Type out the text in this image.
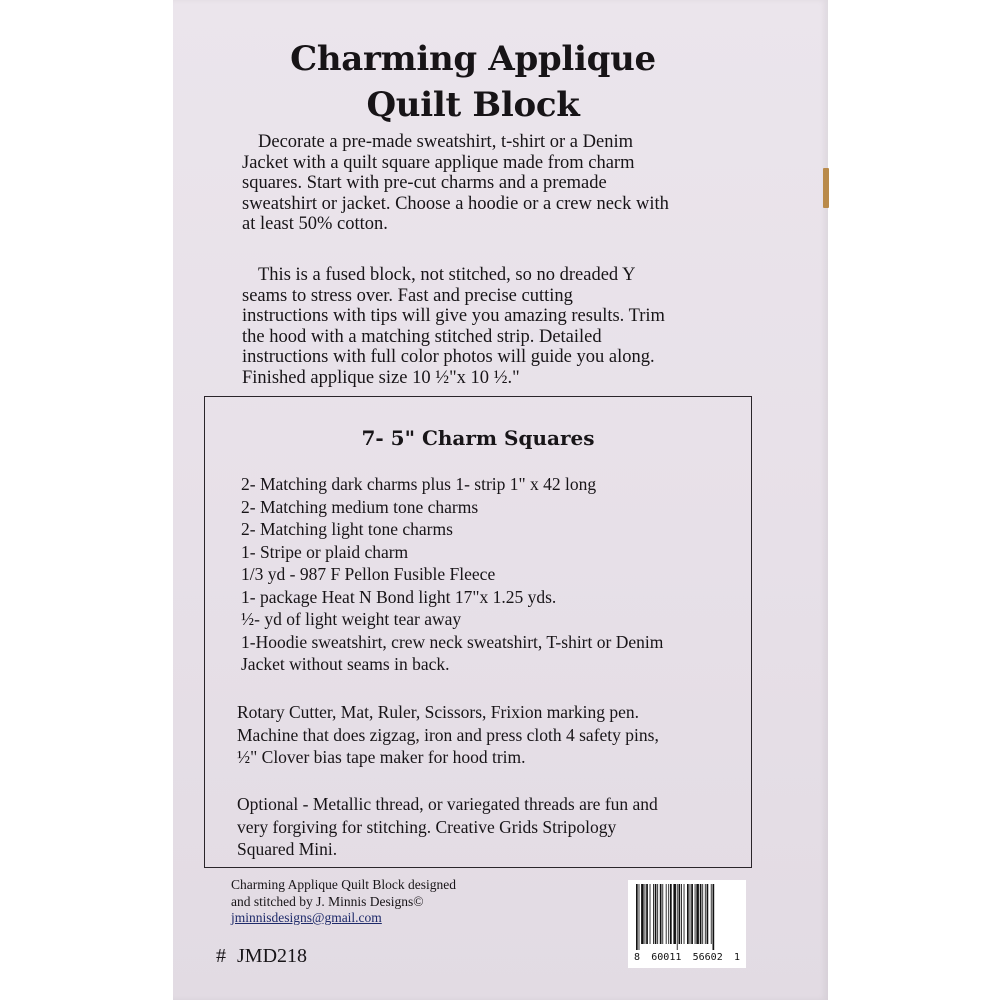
Charming Applique
Quilt Block

Decorate a pre-made sweatshirt, t-shirt or a Denim
Jacket with a quilt square applique made from charm
squares. Start with pre-cut charms and a premade
sweatshirt or jacket. Choose a hoodie or a crew neck with
at least 50% cotton.

This is a fused block, not stitched, so no dreaded Y
seams to stress over. Fast and precise cutting
instructions with tips will give you amazing results. Trim
the hood with a matching stitched strip. Detailed
instructions with full color photos will guide you along.
Finished applique size 10 ½"x 10 ½."

7- 5" Charm Squares
2- Matching dark charms plus 1- strip 1" x 42 long
2- Matching medium tone charms
2- Matching light tone charms
1- Stripe or plaid charm
1/3 yd - 987 F Pellon Fusible Fleece
1- package Heat N Bond light 17"x 1.25 yds.
½- yd of light weight tear away
1-Hoodie sweatshirt, crew neck sweatshirt, T-shirt or Denim
Jacket without seams in back.

Rotary Cutter, Mat, Ruler, Scissors, Frixion marking pen.
Machine that does zigzag, iron and press cloth 4 safety pins,
½" Clover bias tape maker for hood trim.

Optional - Metallic thread, or variegated threads are fun and
very forgiving for stitching. Creative Grids Stripology
Squared Mini.

Charming Applique Quilt Block designed
and stitched by J. Minnis Designs©
jminnisdesigns@gmail.com

# JMD218	8 60011 56602 1
